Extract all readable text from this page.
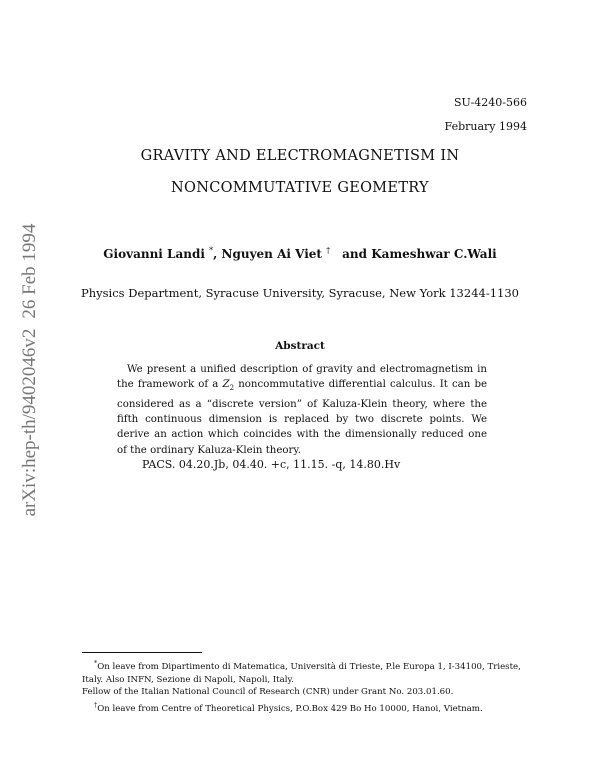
arXiv:hep-th/9402046v226 Feb 1994
SU-4240-566
February 1994
GRAVITY AND ELECTROMAGNETISM IN
NONCOMMUTATIVE GEOMETRY
Giovanni Landi *, Nguyen Ai Viet † and Kameshwar C.Wali
Physics Department, Syracuse University, Syracuse, New York 13244-1130
Abstract
We present a unified description of gravity and electromagnetism in the framework of a $Z_2$ noncommutative differential calculus. It can be considered as a “discrete version” of Kaluza-Klein theory, where the fifth continuous dimension is replaced by two discrete points. We derive an action which coincides with the dimensionally reduced one of the ordinary Kaluza-Klein theory.
PACS. 04.20.Jb, 04.40. +c, 11.15. -q, 14.80.Hv

*On leave from Dipartimento di Matematica, Università di Trieste, P.le Europa 1, I-34100, Trieste, Italy. Also INFN, Sezione di Napoli, Napoli, Italy.

Fellow of the Italian National Council of Research (CNR) under Grant No. 203.01.60.

†On leave from Centre of Theoretical Physics, P.O.Box 429 Bo Ho 10000, Hanoi, Vietnam.
